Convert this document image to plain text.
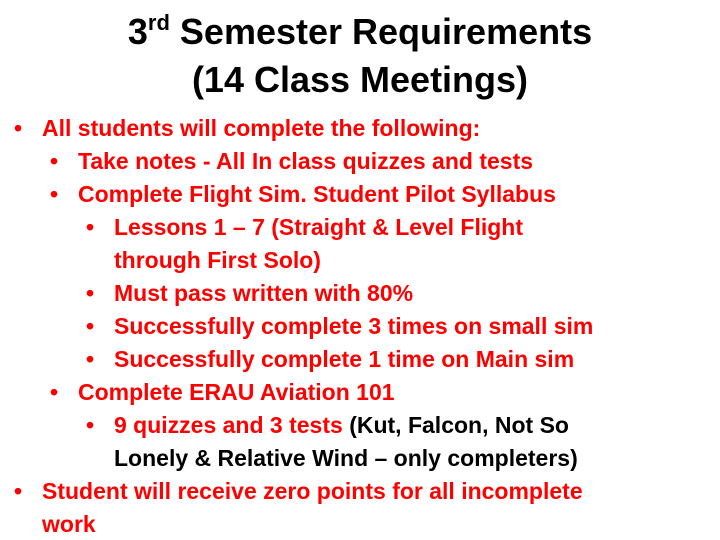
3rd Semester Requirements
(14 Class Meetings)
• All students will complete the following:
• Take notes - All In class quizzes and tests
• Complete Flight Sim. Student Pilot Syllabus
• Lessons 1 – 7 (Straight & Level Flight
through First Solo)
• Must pass written with 80%
• Successfully complete 3 times on small sim
• Successfully complete 1 time on Main sim
• Complete ERAU Aviation 101
• 9 quizzes and 3 tests (Kut, Falcon, Not So
Lonely & Relative Wind – only completers)
• Student will receive zero points for all incomplete
work
